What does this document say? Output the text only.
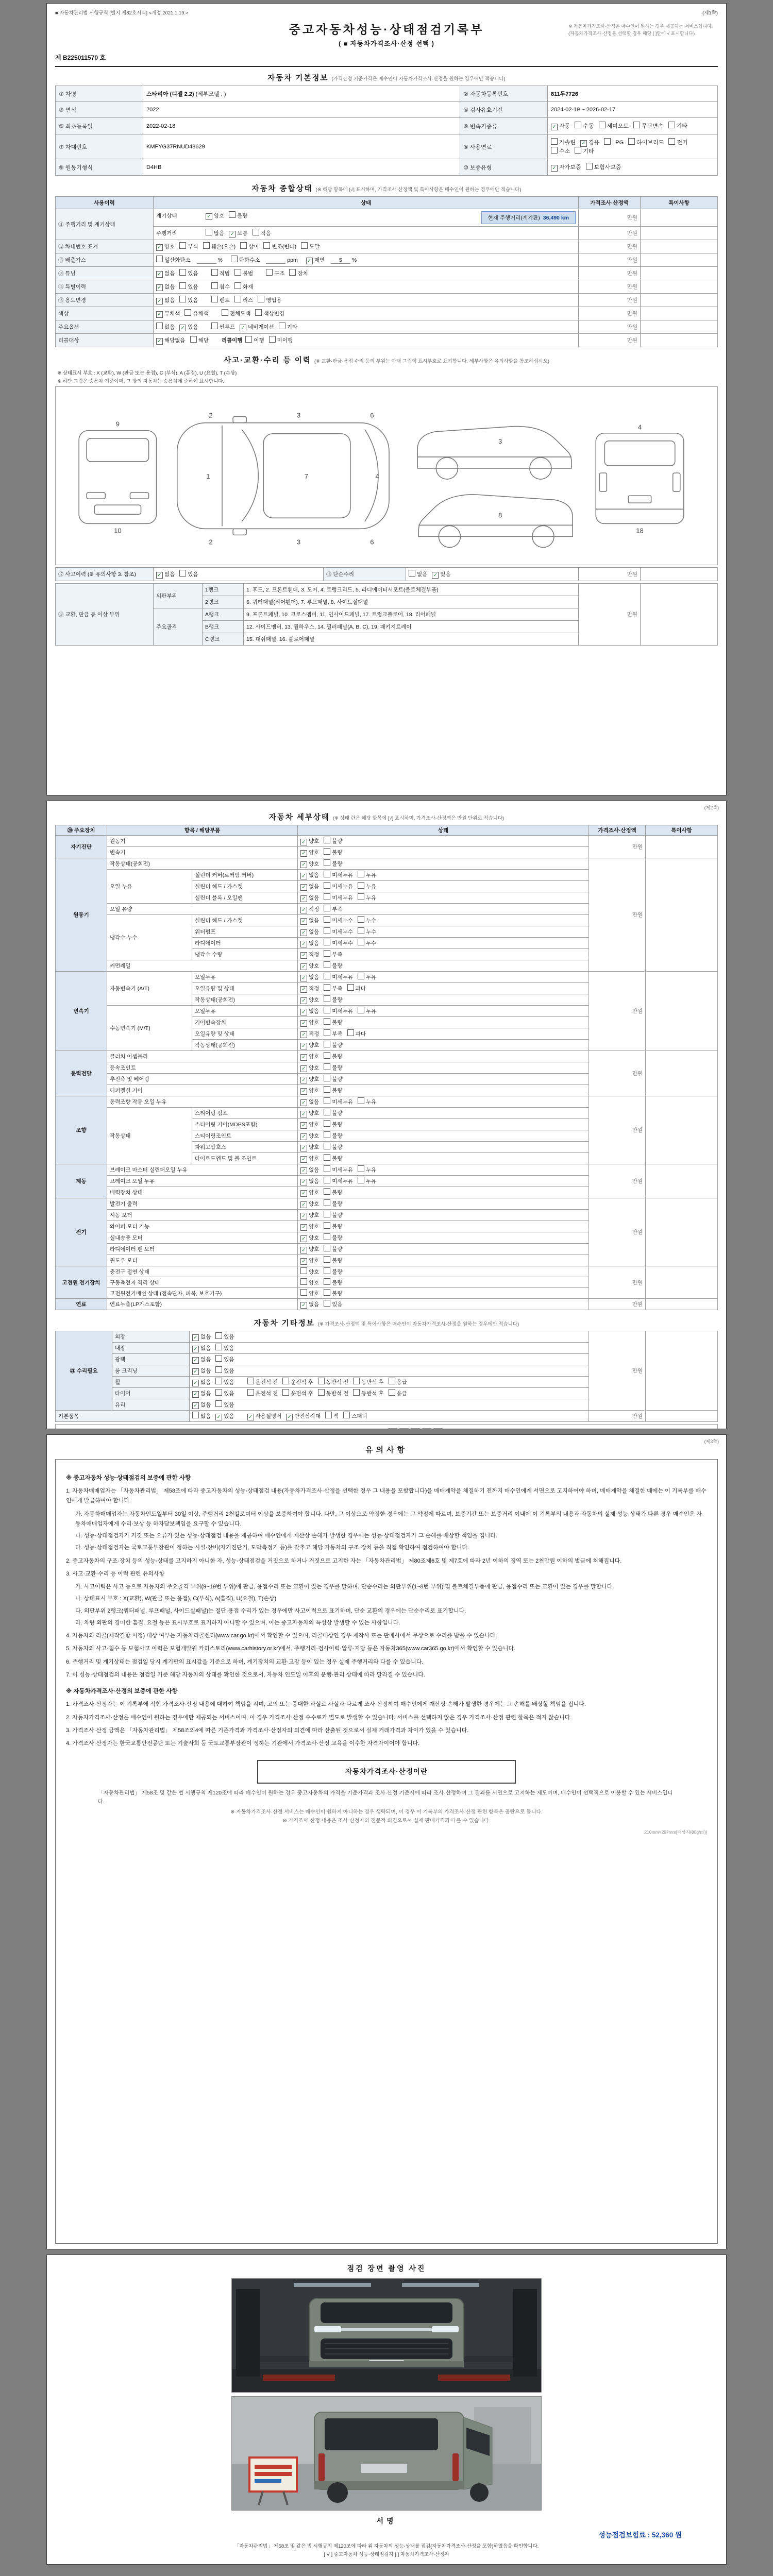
■ 자동차관리법 시행규칙 [별지 제82호서식] <개정 2021.1.19.>	(제1쪽)
중고자동차성능·상태점검기록부
( ■ 자동차가격조사·산정 선택 )
※ 자동차가격조사·산정은 매수인이 원하는 경우 제공하는 서비스입니다.
(자동차가격조사·산정을 선택할 경우 해당 [ ]안에 √ 표시합니다)
제 B225011570 호
자동차 기본정보 (가격산정 기준가격은 매수인이 자동차가격조사·산정을 원하는 경우에만 적습니다)
① 차명	스타리아 (디젤 2.2) (세부모델 : )	② 자동차등록번호	811두7726
③ 연식	2022	④ 검사유효기간	2024-02-19 ~ 2026-02-17
⑤ 최초등록일	2022-02-18	⑥ 변속기종류	✓ 자동 수동 세미오토 무단변속 기타
⑦ 차대번호	KMFYG37RNUD48629	⑧ 사용연료	가솔린 ✓ 경유 LPG 하이브리드 전기수소 기타
⑨ 원동기형식	D4HB	⑩ 보증유형	✓ 자가보증 보험사보증
자동차 종합상태 (※ 해당 항목에 [√] 표시하며, 가격조사·산정액 및 특이사항은 매수인이 원하는 경우에만 적습니다)
사용이력	상태	가격조사·산정액	특이사항
⑪ 주행거리 및 계기상태	현재 주행거리(계기판) 36,490 km
계기상태 ✓ 양호 불량	만원	
	주행거리 많음 ✓ 보통 적음	만원	
⑫ 차대번호 표기	✓ 양호 부식 훼손(오손) 상이 변조(변타) 도말	만원	
⑬ 배출가스	일산화탄소 % 탄화수소 ppm ✓ 매연 5 %	만원	
⑭ 튜닝	✓ 없음 있음 적법 불법 구조 장치	만원	
⑮ 특별이력	✓ 없음 있음 침수 화재	만원	
⑯ 용도변경	✓ 없음 있음 렌트 리스 영업용	만원	
색상	✓ 무채색 유채색 전체도색 색상변경	만원	
주요옵션	없음 ✓ 있음 썬루프 ✓ 네비게이션 기타	만원	
리콜대상	✓ 해당없음 해당 리콜이행 이행 미이행	만원	
사고·교환·수리 등 이력 (※ 교환·판금·용접 수리 등의 부위는 아래 그림에 표시부호로 표기합니다. 세부사항은 유의사항을 참조하십시오)
※ 상태표시 부호 : X (교환), W (판금 또는 용접), C (부식), A (흠집), U (요철), T (손상)
※ 하단 그림은 승용차 기준이며, 그 밖의 자동차는 승용차에 준하여 표시합니다.
9
10
1	7	4
2
2
3
3
6
6
3
8
4
18
⑰ 사고이력 (※ 유의사항 3. 참조)	✓ 없음 있음	⑱ 단순수리	없음 ✓ 있음	만원	
⑲ 교환, 판금 등 이상 부위	외판부위	1랭크	1. 후드, 2. 프론트휀더, 3. 도어, 4. 트렁크리드, 5. 라디에이터서포트(볼트체결부품)	만원	
		2랭크	6. 쿼터패널(리어휀더), 7. 루프패널, 8. 사이드실패널		
	주요골격	A랭크	9. 프론트패널, 10. 크로스멤버, 11. 인사이드패널, 17. 트렁크플로어, 18. 리어패널		
		B랭크	12. 사이드멤버, 13. 휠하우스, 14. 필러패널(A, B, C), 19. 패키지트레이		
		C랭크	15. 대쉬패널, 16. 플로어패널		
(제2쪽)
자동차 세부상태 (※ 상태 란은 해당 항목에 [√] 표시하며, 가격조사·산정액은 만원 단위로 적습니다)
⑳ 주요장치	항목 / 해당부품		상태	가격조사·산정액	특이사항
자기진단	원동기		✓ 양호 불량	만원	
	변속기		✓ 양호 불량		
원동기	작동상태(공회전)		✓ 양호 불량	만원	
	오일 누유	실린더 커버(로커암 커버)	✓ 없음 미세누유 누유		
		실린더 헤드 / 가스켓	✓ 없음 미세누유 누유		
		실린더 블록 / 오일팬	✓ 없음 미세누유 누유		
	오일 유량		✓ 적정 부족		
	냉각수 누수	실린더 헤드 / 가스켓	✓ 없음 미세누수 누수		
		워터펌프	✓ 없음 미세누수 누수		
		라디에이터	✓ 없음 미세누수 누수		
		냉각수 수량	✓ 적정 부족		
	커먼레일		✓ 양호 불량		
변속기	자동변속기 (A/T)	오일누유	✓ 없음 미세누유 누유	만원	
		오일유량 및 상태	✓ 적정 부족 과다		
		작동상태(공회전)	✓ 양호 불량		
	수동변속기 (M/T)	오일누유	✓ 없음 미세누유 누유		
		기어변속장치	✓ 양호 불량		
		오일유량 및 상태	✓ 적정 부족 과다		
		작동상태(공회전)	✓ 양호 불량		
동력전달	클러치 어셈블리		✓ 양호 불량	만원	
	등속조인트		✓ 양호 불량		
	추진축 및 베어링		✓ 양호 불량		
	디퍼렌셜 기어		✓ 양호 불량		
조향	동력조향 작동 오일 누유		✓ 없음 미세누유 누유	만원	
	작동상태	스티어링 펌프	✓ 양호 불량		
		스티어링 기어(MDPS포함)	✓ 양호 불량		
		스티어링조인트	✓ 양호 불량		
		파워고압호스	✓ 양호 불량		
		타이로드엔드 및 볼 조인트	✓ 양호 불량		
제동	브레이크 마스터 실린더오일 누유		✓ 없음 미세누유 누유	만원	
	브레이크 오일 누유		✓ 없음 미세누유 누유		
	배력장치 상태		✓ 양호 불량		
전기	발전기 출력		✓ 양호 불량	만원	
	시동 모터		✓ 양호 불량		
	와이퍼 모터 기능		✓ 양호 불량		
	실내송풍 모터		✓ 양호 불량		
	라디에이터 팬 모터		✓ 양호 불량		
	윈도우 모터		✓ 양호 불량		
고전원 전기장치	충전구 절연 상태		양호 불량	만원	
	구동축전지 격리 상태		양호 불량		
	고전원전기배선 상태 (접속단자, 피복, 보호기구)		양호 불량		
연료	연료누출(LP가스포함)		✓ 없음 있음	만원	
자동차 기타정보 (※ 가격조사·산정액 및 특이사항은 매수인이 자동차가격조사·산정을 원하는 경우에만 적습니다)
㉑ 수리필요	외장	✓ 없음 있음	만원	
	내장	✓ 없음 있음		
	광택	✓ 없음 있음		
	룸 크리닝	✓ 없음 있음		
	휠	✓ 없음 있음 운전석 전 운전석 후 동반석 전 동반석 후 응급		
	타이어	✓ 없음 있음 운전석 전 운전석 후 동반석 전 동반석 후 응급		
	유리	✓ 없음 있음		
기본품목		없음 ✓ 있음 ✓ 사용설명서 ✓ 안전삼각대 잭 스패너	만원	

(제3쪽)
유의사항
※ 중고자동차 성능·상태점검의 보증에 관한 사항
1. 자동차매매업자는 「자동차관리법」 제58조에 따라 중고자동차의 성능·상태점검 내용(자동차가격조사·산정을 선택한 경우 그 내용을 포함합니다)을 매매계약을 체결하기 전까지 매수인에게 서면으로 고지하여야 하며, 매매계약을 체결한 때에는 이 기록부를 매수인에게 발급하여야 합니다.
가. 자동차매매업자는 자동차인도일부터 30일 이상, 주행거리 2천킬로미터 이상을 보증하여야 합니다. 다만, 그 이상으로 약정한 경우에는 그 약정에 따르며, 보증기간 또는 보증거리 이내에 이 기록부의 내용과 자동차의 실제 성능·상태가 다른 경우 매수인은 자동차매매업자에게 수리·보상 등 하자담보책임을 요구할 수 있습니다.
나. 성능·상태점검자가 거짓 또는 오류가 있는 성능·상태점검 내용을 제공하여 매수인에게 재산상 손해가 발생한 경우에는 성능·상태점검자가 그 손해를 배상할 책임을 집니다.
다. 성능·상태점검자는 국토교통부장관이 정하는 시설·장비(자기진단기, 도막측정기 등)를 갖추고 해당 자동차의 구조·장치 등을 직접 확인하여 점검하여야 합니다.
2. 중고자동차의 구조·장치 등의 성능·상태를 고지하지 아니한 자, 성능·상태점검을 거짓으로 하거나 거짓으로 고지한 자는 「자동차관리법」 제80조제6호 및 제7호에 따라 2년 이하의 징역 또는 2천만원 이하의 벌금에 처해집니다.
3. 사고·교환·수리 등 이력 관련 유의사항
가. 사고이력은 사고 등으로 자동차의 주요골격 부위(9~19번 부위)에 판금, 용접수리 또는 교환이 있는 경우를 말하며, 단순수리는 외판부위(1~8번 부위) 및 볼트체결부품에 판금, 용접수리 또는 교환이 있는 경우를 말합니다.
나. 상태표시 부호 : X(교환), W(판금 또는 용접), C(부식), A(흠집), U(요철), T(손상)
다. 외판부위 2랭크(쿼터패널, 루프패널, 사이드실패널)는 절단·용접 수리가 있는 경우에만 사고이력으로 표기하며, 단순 교환의 경우에는 단순수리로 표기합니다.
라. 차량 외판의 경미한 흠집, 요철 등은 표시부호로 표기하지 아니할 수 있으며, 이는 중고자동차의 특성상 발생할 수 있는 사항입니다.
4. 자동차의 리콜(제작결함 시정) 대상 여부는 자동차리콜센터(www.car.go.kr)에서 확인할 수 있으며, 리콜대상인 경우 제작사 또는 판매사에서 무상으로 수리를 받을 수 있습니다.
5. 자동차의 사고·침수 등 보험사고 이력은 보험개발원 카히스토리(www.carhistory.or.kr)에서, 주행거리·검사이력·압류·저당 등은 자동차365(www.car365.go.kr)에서 확인할 수 있습니다.
6. 주행거리 및 계기상태는 점검일 당시 계기판의 표시값을 기준으로 하며, 계기장치의 교환·고장 등이 있는 경우 실제 주행거리와 다를 수 있습니다.
7. 이 성능·상태점검의 내용은 점검일 기준 해당 자동차의 상태를 확인한 것으로서, 자동차 인도일 이후의 운행·관리 상태에 따라 달라질 수 있습니다.
※ 자동차가격조사·산정의 보증에 관한 사항
1. 가격조사·산정자는 이 기록부에 적힌 가격조사·산정 내용에 대하여 책임을 지며, 고의 또는 중대한 과실로 사실과 다르게 조사·산정하여 매수인에게 재산상 손해가 발생한 경우에는 그 손해를 배상할 책임을 집니다.
2. 자동차가격조사·산정은 매수인이 원하는 경우에만 제공되는 서비스이며, 이 경우 가격조사·산정 수수료가 별도로 발생할 수 있습니다. 서비스를 선택하지 않은 경우 가격조사·산정 관련 항목은 적지 않습니다.
3. 가격조사·산정 금액은 「자동차관리법」 제58조의4에 따른 기준가격과 가격조사·산정자의 의견에 따라 산출된 것으로서 실제 거래가격과 차이가 있을 수 있습니다.
4. 가격조사·산정자는 한국교통안전공단 또는 기술사회 등 국토교통부장관이 정하는 기관에서 가격조사·산정 교육을 이수한 자격자이어야 합니다.
자동차가격조사·산정이란

「자동차관리법」 제58조 및 같은 법 시행규칙 제120조에 따라 매수인이 원하는 경우 중고자동차의 가격을 기준가격과 조사·산정 기준서에 따라 조사·산정하여 그 결과를 서면으로 고지하는 제도이며, 매수인이 선택적으로 이용할 수 있는 서비스입니다.

※ 자동차가격조사·산정 서비스는 매수인이 원하지 아니하는 경우 생략되며, 이 경우 이 기록부의 가격조사·산정 관련 항목은 공란으로 둡니다.
※ 가격조사·산정 내용은 조사·산정자의 전문적 의견으로서 실제 판매가격과 다를 수 있습니다.
210mm×297mm[백상지(80g/㎡)]
점검 장면 촬영 사진
서명
성능점검보험료 : 52,360 원
「자동차관리법」 제58조 및 같은 법 시행규칙 제120조에 따라 위 자동차의 성능·상태를 점검(자동차가격조사·산정을 포함)하였음을 확인합니다.
[ V ] 중고자동차 성능·상태점검자 [ ] 자동차가격조사·산정자
